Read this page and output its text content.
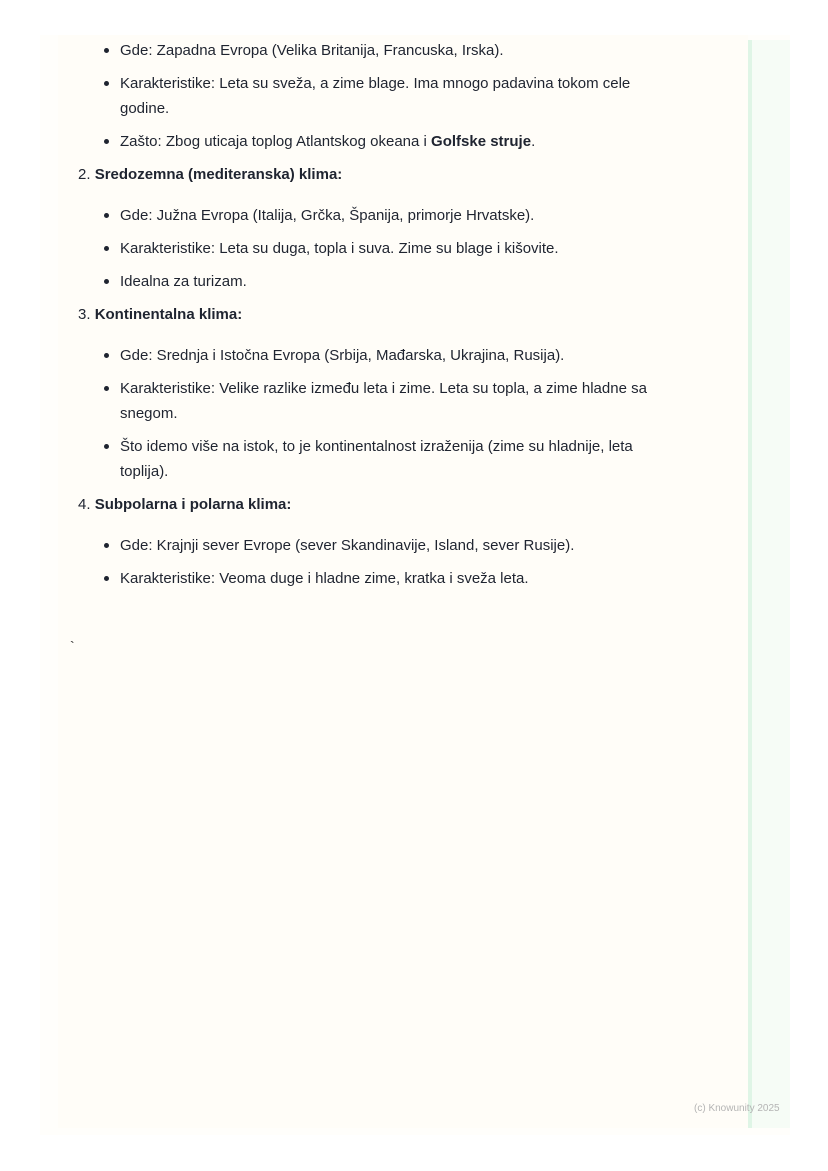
Gde: Zapadna Evropa (Velika Britanija, Francuska, Irska).
Karakteristike: Leta su sveža, a zime blage. Ima mnogo padavina tokom cele godine.
Zašto: Zbog uticaja toplog Atlantskog okeana i Golfske struje.
2. Sredozemna (mediteranska) klima:
Gde: Južna Evropa (Italija, Grčka, Španija, primorje Hrvatske).
Karakteristike: Leta su duga, topla i suva. Zime su blage i kišovite.
Idealna za turizam.
3. Kontinentalna klima:
Gde: Srednja i Istočna Evropa (Srbija, Mađarska, Ukrajina, Rusija).
Karakteristike: Velike razlike između leta i zime. Leta su topla, a zime hladne sa snegom.
Što idemo više na istok, to je kontinentalnost izraženija (zime su hladnije, leta toplija).
4. Subpolarna i polarna klima:
Gde: Krajnji sever Evrope (sever Skandinavije, Island, sever Rusije).
Karakteristike: Veoma duge i hladne zime, kratka i sveža leta.
`
(c) Knowunity 2025
